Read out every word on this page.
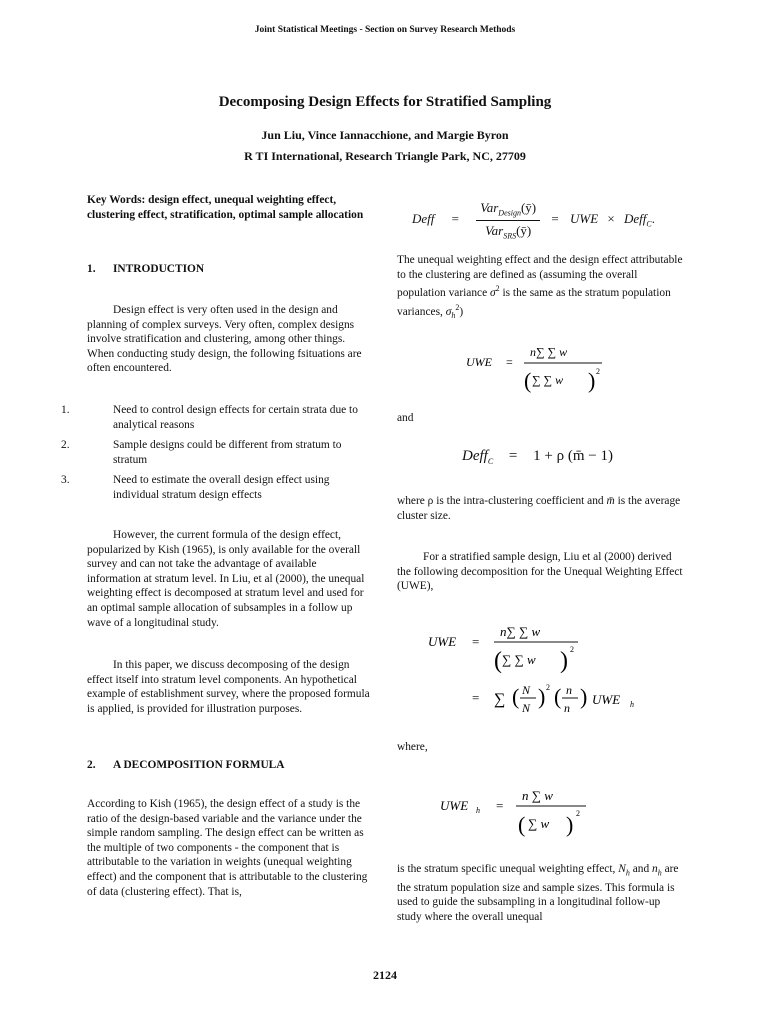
Joint Statistical Meetings - Section on Survey Research Methods
Decomposing Design Effects for Stratified Sampling
Jun Liu, Vince Iannacchione, and Margie Byron
R TI International, Research Triangle Park, NC, 27709
Key Words: design effect, unequal weighting effect, clustering effect, stratification, optimal sample allocation
1. INTRODUCTION
Design effect is very often used in the design and planning of complex surveys. Very often, complex designs involve stratification and clustering, among other things. When conducting study design, the following fsituations are often encountered.
1.	Need to control design effects for certain strata due to analytical reasons
2.	Sample designs could be different from stratum to stratum
3.	Need to estimate the overall design effect using individual stratum design effects
However, the current formula of the design effect, popularized by Kish (1965), is only available for the overall survey and can not take the advantage of available information at stratum level. In Liu, et al (2000), the unequal weighting effect is decomposed at stratum level and used for an optimal sample allocation of subsamples in a follow up wave of a longitudinal study.
In this paper, we discuss decomposing of the design effect itself into stratum level components. An hypothetical example of establishment survey, where the proposed formula is applied, is provided for illustration purposes.
2. A DECOMPOSITION FORMULA
According to Kish (1965), the design effect of a study is the ratio of the design-based variable and the variance under the simple random sampling. The design effect can be written as the multiple of two components - the component that is attributable to the variation in weights (unequal weighting effect) and the component that is attributable to the clustering of data (clustering effect). That is,
Deff = $\frac{Var_{Design}(ȳ)}{Var_{SRS}(ȳ)}$ = UWE × Deff$_C$.
The unequal weighting effect and the design effect attributable to the clustering are defined as (assuming the overall population variance $\sigma^2$ is the same as the stratum population variances, $\sigma_h^2$)
UWE =
n∑ ∑ w
( ∑ ∑ w ) 2
and
Deff$_C$ = 1 + ρ (m̄ − 1)
where ρ is the intra-clustering coefficient and m̄ is the average cluster size.
For a stratified sample design, Liu et al (2000) derived the following decomposition for the Unequal Weighting Effect (UWE),
UWE =
n∑ ∑ w
( ∑ ∑ w ) 2
= ∑ ( N
N ) 2 ( n
n ) UWE h
where,
UWE h =
n ∑ w
( ∑ w ) 2
is the stratum specific unequal weighting effect, $N_h$ and $n_h$ are the stratum population size and sample sizes. This formula is used to guide the subsampling in a longitudinal follow-up study where the overall unequal
2124
